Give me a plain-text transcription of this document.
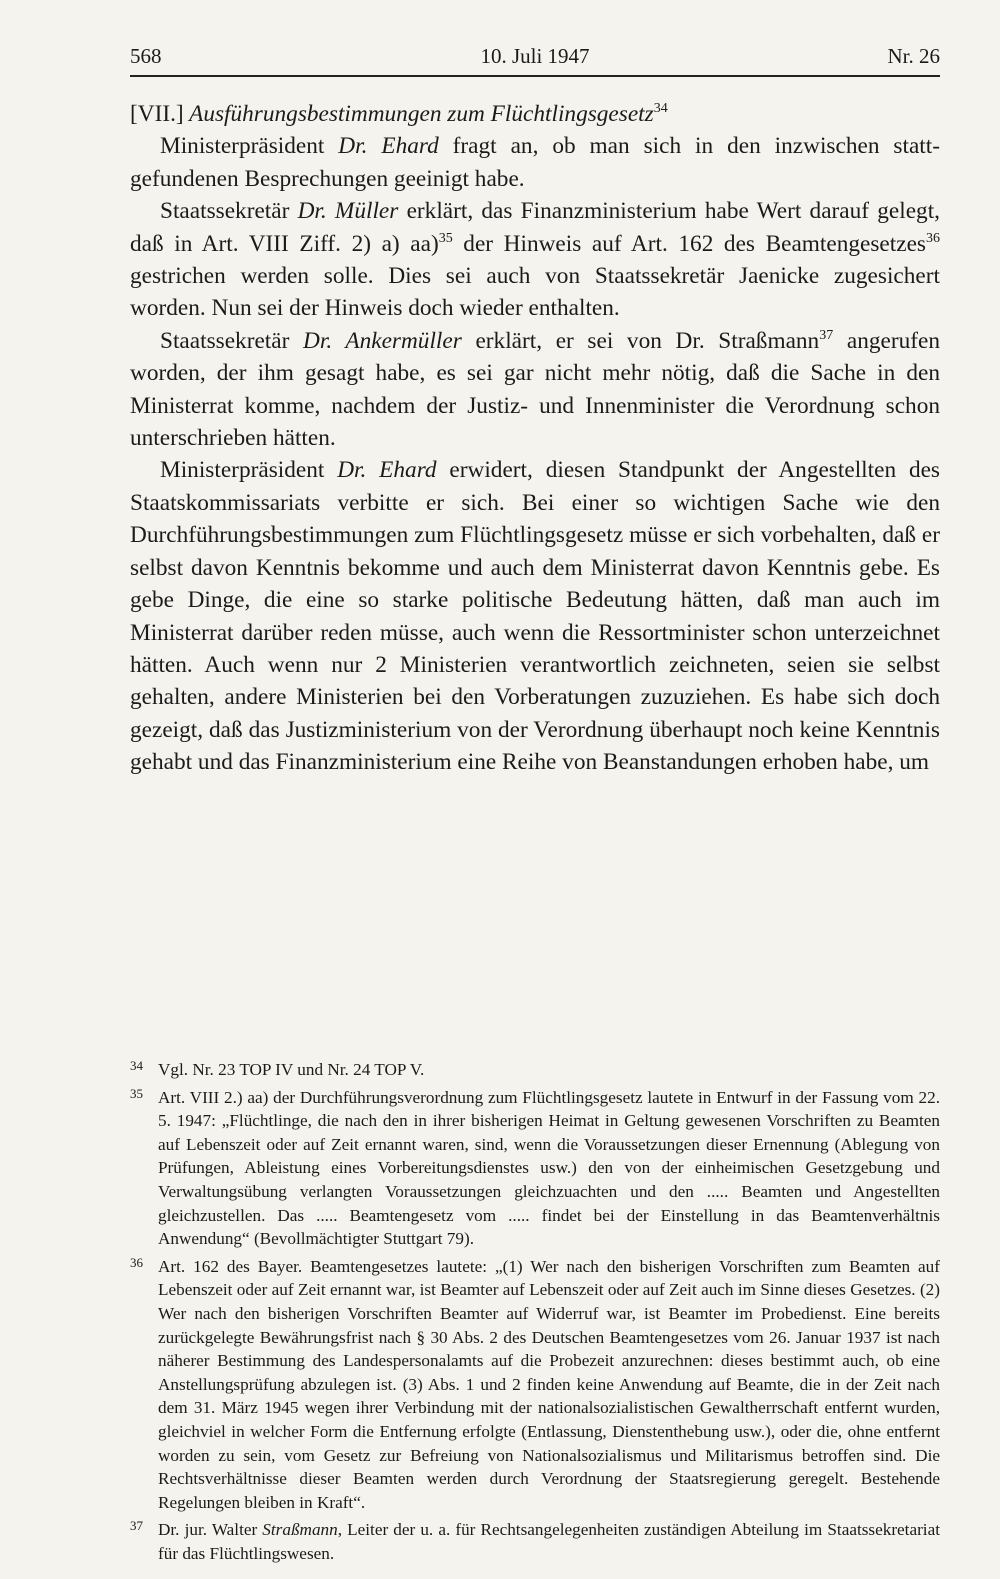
568	10. Juli 1947	Nr. 26

[VII.] Ausführungsbestimmungen zum Flüchtlingsgesetz$^{34}$

Ministerpräsident Dr. Ehard fragt an, ob man sich in den inzwischen stattgefundenen Besprechungen geeinigt habe.

Staatssekretär Dr. Müller erklärt, das Finanzministerium habe Wert darauf gelegt, daß in Art. VIII Ziff. 2) a) aa)$^{35}$ der Hinweis auf Art. 162 des Beamtengesetzes$^{36}$ gestrichen werden solle. Dies sei auch von Staatssekretär Jaenicke zugesichert worden. Nun sei der Hinweis doch wieder enthalten.

Staatssekretär Dr. Ankermüller erklärt, er sei von Dr. Straßmann$^{37}$ angerufen worden, der ihm gesagt habe, es sei gar nicht mehr nötig, daß die Sache in den Ministerrat komme, nachdem der Justiz- und Innenminister die Verordnung schon unterschrieben hätten.

Ministerpräsident Dr. Ehard erwidert, diesen Standpunkt der Angestellten des Staatskommissariats verbitte er sich. Bei einer so wichtigen Sache wie den Durchführungsbestimmungen zum Flüchtlingsgesetz müsse er sich vorbehalten, daß er selbst davon Kenntnis bekomme und auch dem Ministerrat davon Kenntnis gebe. Es gebe Dinge, die eine so starke politische Bedeutung hätten, daß man auch im Ministerrat darüber reden müsse, auch wenn die Ressortminister schon unterzeichnet hätten. Auch wenn nur 2 Ministerien verantwortlich zeichneten, seien sie selbst gehalten, andere Ministerien bei den Vorberatungen zuzuziehen. Es habe sich doch gezeigt, daß das Justizministerium von der Verordnung überhaupt noch keine Kenntnis gehabt und das Finanzministerium eine Reihe von Beanstandungen erhoben habe, um

34 Vgl. Nr. 23 TOP IV und Nr. 24 TOP V.
35 Art. VIII 2.) aa) der Durchführungsverordnung zum Flüchtlingsgesetz lautete in Entwurf in der Fassung vom 22. 5. 1947: „Flüchtlinge, die nach den in ihrer bisherigen Heimat in Geltung gewesenen Vorschriften zu Beamten auf Lebenszeit oder auf Zeit ernannt waren, sind, wenn die Voraussetzungen dieser Ernennung (Ablegung von Prüfungen, Ableistung eines Vorbereitungsdienstes usw.) den von der einheimischen Gesetzgebung und Verwaltungsübung verlangten Voraussetzungen gleichzuachten und den ..... Beamten und Angestellten gleichzustellen. Das ..... Beamtengesetz vom ..... findet bei der Einstellung in das Beamtenverhältnis Anwendung“ (Bevollmächtigter Stuttgart 79).
36 Art. 162 des Bayer. Beamtengesetzes lautete: „(1) Wer nach den bisherigen Vorschriften zum Beamten auf Lebenszeit oder auf Zeit ernannt war, ist Beamter auf Lebenszeit oder auf Zeit auch im Sinne dieses Gesetzes. (2) Wer nach den bisherigen Vorschriften Beamter auf Widerruf war, ist Beamter im Probedienst. Eine bereits zurückgelegte Bewährungsfrist nach § 30 Abs. 2 des Deutschen Beamtengesetzes vom 26. Januar 1937 ist nach näherer Bestimmung des Landespersonalamts auf die Probezeit anzurechnen: dieses bestimmt auch, ob eine Anstellungsprüfung abzulegen ist. (3) Abs. 1 und 2 finden keine Anwendung auf Beamte, die in der Zeit nach dem 31. März 1945 wegen ihrer Verbindung mit der nationalsozialistischen Gewaltherrschaft entfernt wurden, gleichviel in welcher Form die Entfernung erfolgte (Entlassung, Dienstenthebung usw.), oder die, ohne entfernt worden zu sein, vom Gesetz zur Befreiung von Nationalsozialismus und Militarismus betroffen sind. Die Rechtsverhältnisse dieser Beamten werden durch Verordnung der Staatsregierung geregelt. Bestehende Regelungen bleiben in Kraft“.
37 Dr. jur. Walter Straßmann, Leiter der u. a. für Rechtsangelegenheiten zuständigen Abteilung im Staatssekretariat für das Flüchtlingswesen.
